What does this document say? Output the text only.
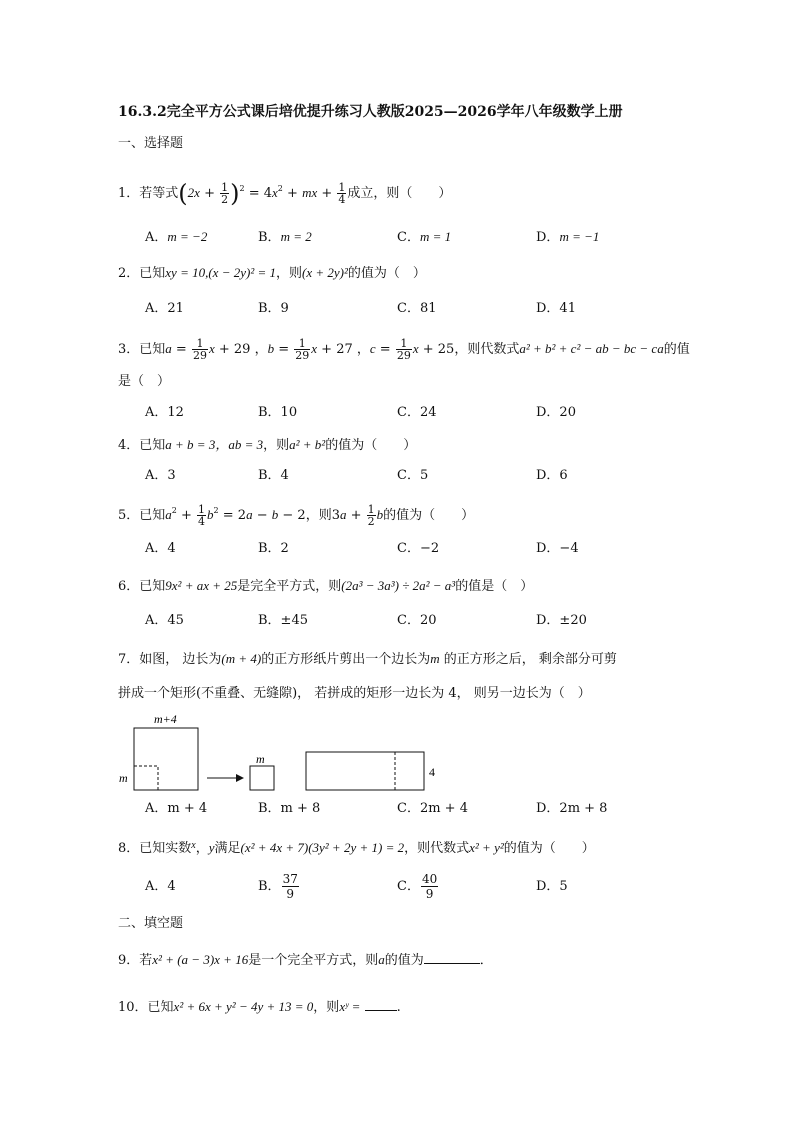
16.3.2完全平方公式课后培优提升练习人教版2025—2026学年八年级数学上册
一、选择题
1．若等式$(2x + \frac{1}{2} )^2 = 4x^2$ + mx + $\frac{1}{4}$ 成立，则（　　）
A．m = −2	B．m = 2	C．m = 1	D．m = −1
2．已知xy = 10,(x − 2y)² = 1，则(x + 2y)²的值为（　）
A．21	B．9	C．81	D．41
3．已知$a = \frac{1}{29}$ x + 29 ，$b = \frac{1}{29}$ x + 27 ，$c = \frac{1}{29}$ x + 25，则代数式a² + b² + c² − ab − bc − ca的值
是（　）
A．12	B．10	C．24	D．20
4．已知a + b = 3，ab = 3，则a² + b²的值为（　　）
A．3	B．4	C．5	D．6
5．已知$a^2 + \frac{1}{4} b^2 = 2a - b - 2$，则$3a + \frac{1}{2}$ b的值为（　　）
A．4	B．2	C．−2	D．−4
6．已知9x² + ax + 25是完全平方式，则(2a³ − 3a³) ÷ 2a² − a³的值是（　）
A．45	B．±45	C．20	D．±20
7．如图， 边长为(m + 4)的正方形纸片剪出一个边长为m 的正方形之后， 剩余部分可剪
拼成一个矩形(不重叠、无缝隙)， 若拼成的矩形一边长为 4， 则另一边长为（　）
m+4
m
m
4
A．m + 4	B．m + 8	C．2m + 4	D．2m + 8
8．已知实数$^x$，y满足(x² + 4x + 7)(3y² + 2y + 1) = 2，则代数式x² + y²的值为（　　）
A．4	B． $\frac{37}{9}$	C． $\frac{40}{9}$	D．5
二、填空题
9．若x² + (a − 3)x + 16是一个完全平方式，则a的值为	．
10．已知x² + 6x + y² − 4y + 13 = 0，则xʸ =	.
